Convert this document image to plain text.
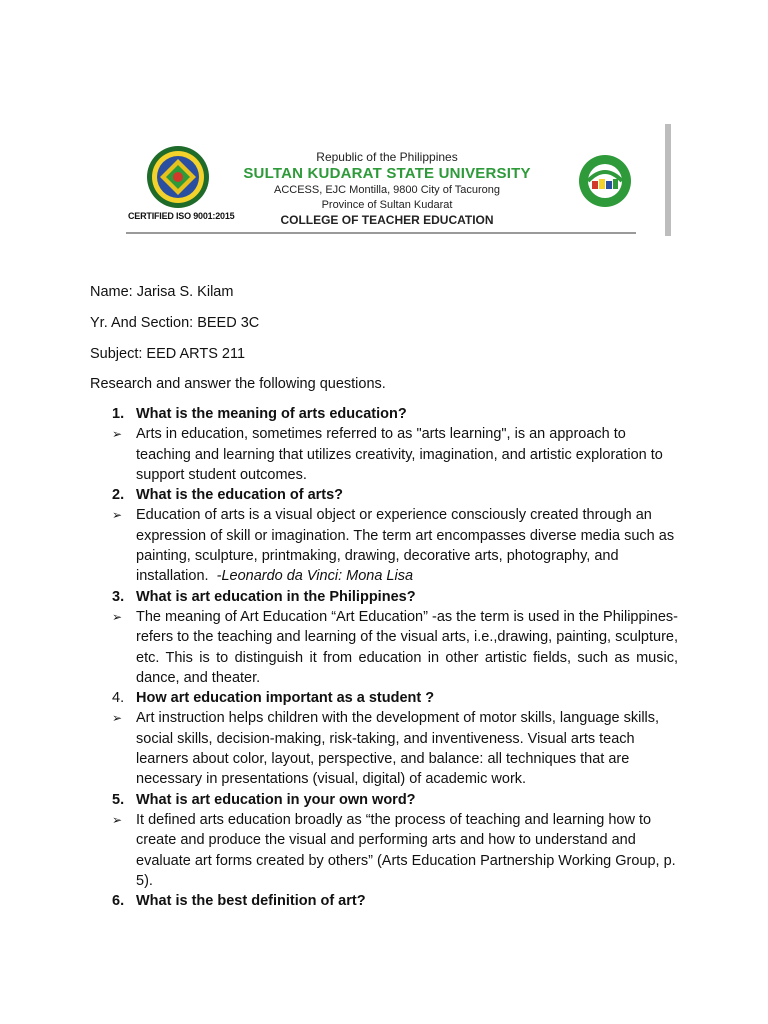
CERTIFIED ISO 9001:2015
Republic of the Philippines
SULTAN KUDARAT STATE UNIVERSITY
ACCESS, EJC Montilla, 9800 City of Tacurong
Province of Sultan Kudarat
COLLEGE OF TEACHER EDUCATION
Name: Jarisa S. Kilam
Yr. And Section: BEED 3C
Subject: EED ARTS 211
Research and answer the following questions.
1. What is the meaning of arts education?
➢ Arts in education, sometimes referred to as "arts learning", is an approach to teaching and learning that utilizes creativity, imagination, and artistic exploration to support student outcomes.
2. What is the education of arts?
➢ Education of arts is a visual object or experience consciously created through an expression of skill or imagination. The term art encompasses diverse media such as painting, sculpture, printmaking, drawing, decorative arts, photography, and installation. -Leonardo da Vinci: Mona Lisa
3. What is art education in the Philippines?
➢ The meaning of Art Education “Art Education” -as the term is used in the Philippines-refers to the teaching and learning of the visual arts, i.e.,drawing, painting, sculpture, etc. This is to distinguish it from education in other artistic fields, such as music, dance, and theater.
4. How art education important as a student ?
➢ Art instruction helps children with the development of motor skills, language skills, social skills, decision-making, risk-taking, and inventiveness. Visual arts teach learners about color, layout, perspective, and balance: all techniques that are necessary in presentations (visual, digital) of academic work.
5. What is art education in your own word?
➢ It defined arts education broadly as “the process of teaching and learning how to create and produce the visual and performing arts and how to understand and evaluate art forms created by others” (Arts Education Partnership Working Group, p. 5).
6. What is the best definition of art?
